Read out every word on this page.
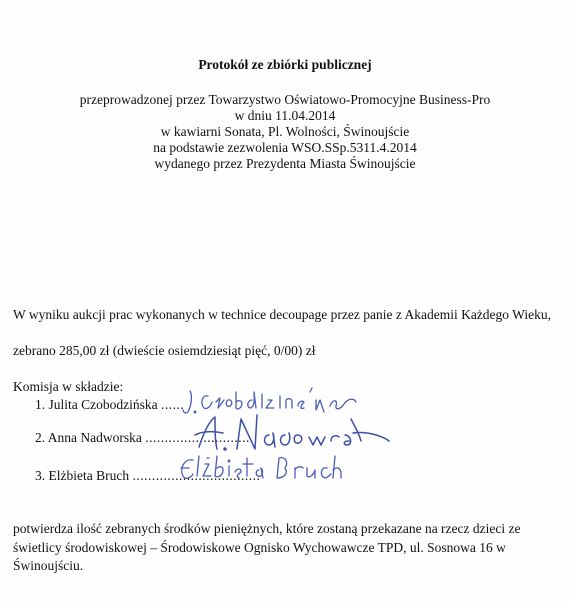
Protokół ze zbiórki publicznej
przeprowadzonej przez Towarzystwo Oświatowo-Promocyjne Business-Pro
w dniu 11.04.2014
w kawiarni Sonata, Pl. Wolności, Świnoujście
na podstawie zezwolenia WSO.SSp.5311.4.2014
wydanego przez Prezydenta Miasta Świnoujście
W wyniku aukcji prac wykonanych w technice decoupage przez panie z Akademii Każdego Wieku,
zebrano 285,00 zł (dwieście osiemdziesiąt pięć, 0/00) zł
Komisja w składzie:
1. Julita Czobodzińska ......
2. Anna Nadworska ............................
3. Elżbieta Bruch .................................
potwierdza ilość zebranych środków pieniężnych, które zostaną przekazane na rzecz dzieci ze świetlicy środowiskowej – Środowiskowe Ognisko Wychowawcze TPD, ul. Sosnowa 16 w Świnoujściu.
